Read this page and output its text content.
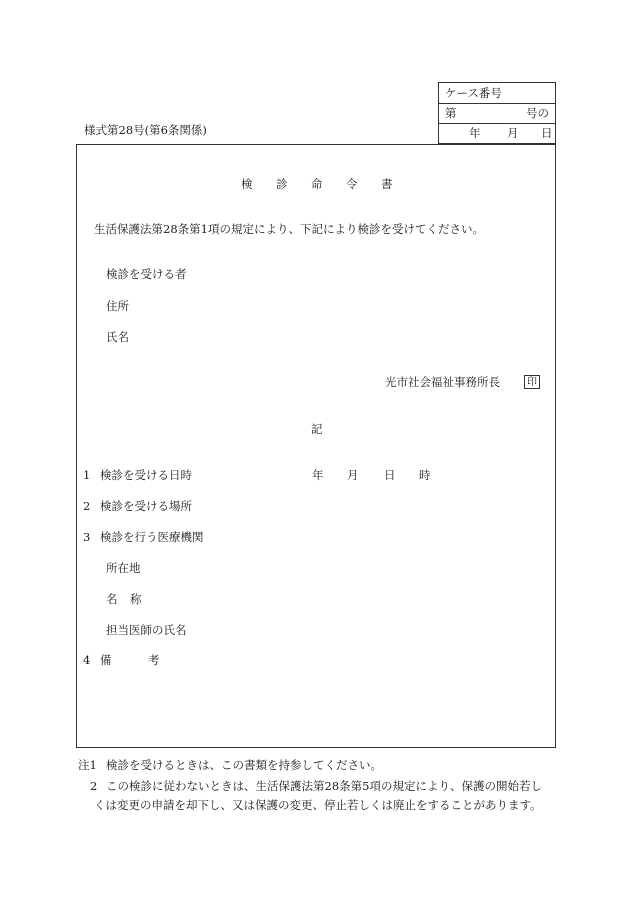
様式第28号(第6条関係)
ケース番号
第	号の
年 月 日
検 診 命 令 書
生活保護法第28条第1項の規定により、下記により検診を受けてください。
検診を受ける者
住所
氏名
光市社会福祉事務所長	印
記
1 検診を受ける日時	年 月 日 時
2 検診を受ける場所
3 検診を行う医療機関
所在地
名 称
担当医師の氏名
4 備	考
注1 検診を受けるときは、この書類を持参してください。
2 この検診に従わないときは、生活保護法第28条第5項の規定により、保護の開始若し
くは変更の申請を却下し、又は保護の変更、停止若しくは廃止をすることがあります。
